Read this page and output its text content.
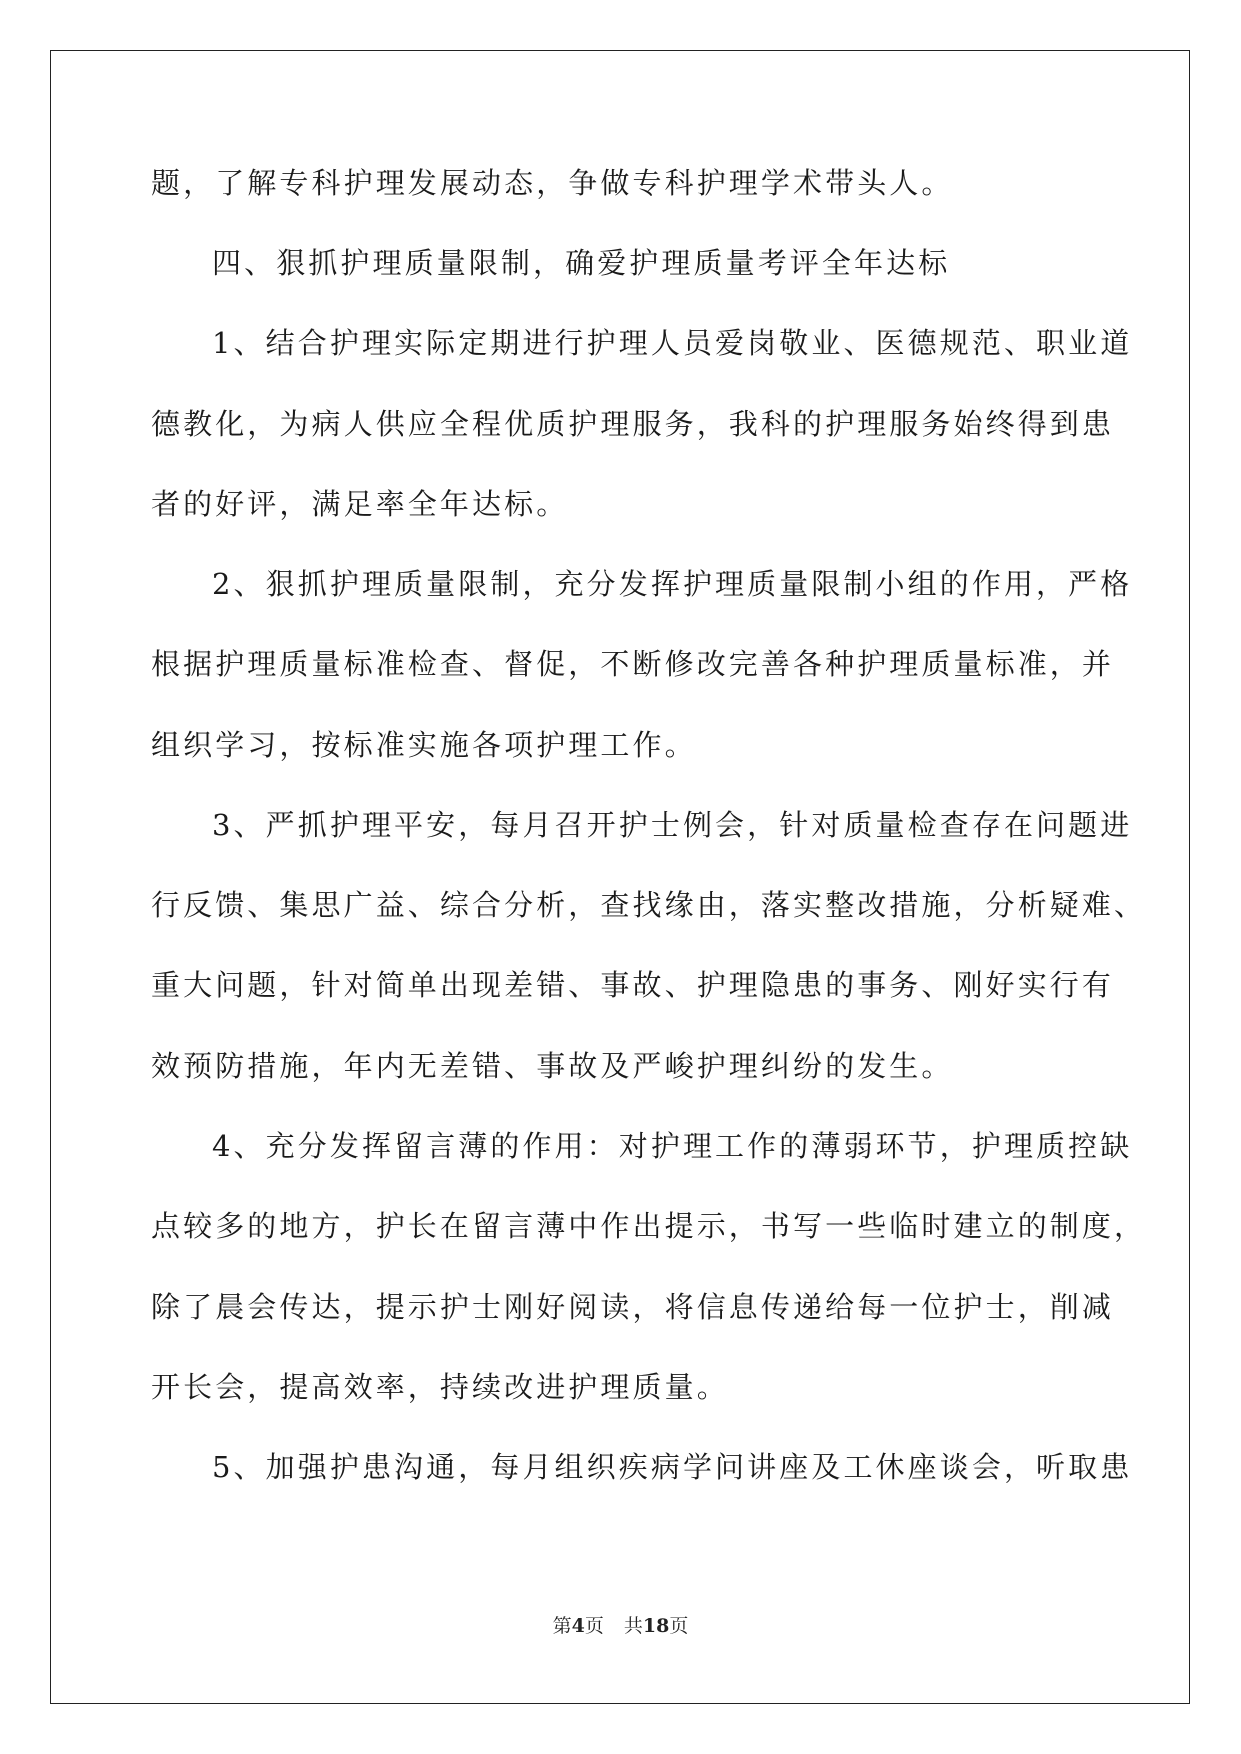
题，了解专科护理发展动态，争做专科护理学术带头人。
四、狠抓护理质量限制，确爱护理质量考评全年达标
1、结合护理实际定期进行护理人员爱岗敬业、医德规范、职业道
德教化，为病人供应全程优质护理服务，我科的护理服务始终得到患
者的好评，满足率全年达标。
2、狠抓护理质量限制，充分发挥护理质量限制小组的作用，严格
根据护理质量标准检查、督促，不断修改完善各种护理质量标准，并
组织学习，按标准实施各项护理工作。
3、严抓护理平安，每月召开护士例会，针对质量检查存在问题进
行反馈、集思广益、综合分析，查找缘由，落实整改措施，分析疑难、
重大问题，针对简单出现差错、事故、护理隐患的事务、刚好实行有
效预防措施，年内无差错、事故及严峻护理纠纷的发生。
4、充分发挥留言薄的作用：对护理工作的薄弱环节，护理质控缺
点较多的地方，护长在留言薄中作出提示，书写一些临时建立的制度，
除了晨会传达，提示护士刚好阅读，将信息传递给每一位护士，削减
开长会，提高效率，持续改进护理质量。
5、加强护患沟通，每月组织疾病学问讲座及工休座谈会，听取患
第4页 共18页
